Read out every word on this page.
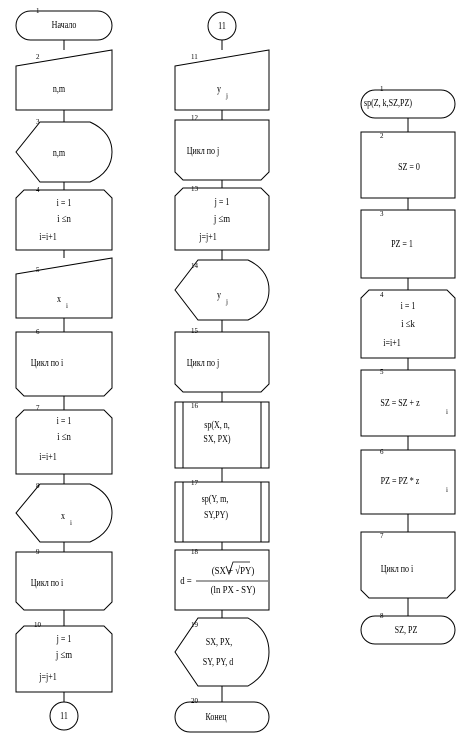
1
Начало
2
n,m
3
n,m
4
i = 1
i ≤n
i=i+1
5
x
i
6
Цикл по i
7
i = 1
i ≤n
i=i+1
8
x
i
9
Цикл по i
10
j = 1
j ≤m
j=j+1
11
11
11
y
j
12
Цикл по j
13
j = 1
j ≤m
j=j+1
14
y
j
15
Цикл по j
16
sp(X, n,
SX, PX)
17
sp(Y, m,
SY,PY)
18
d =
(SX + √PY)
(ln PX - SY)
19
SX, PX,
SY, PY, d
20
Конец
1
sp(Z, k,SZ,PZ)
2
SZ = 0
3
PZ = 1
4
i = 1
i ≤k
i=i+1
5
SZ = SZ + z
i
6
PZ = PZ * z
i
7
Цикл по i
8
SZ, PZ
